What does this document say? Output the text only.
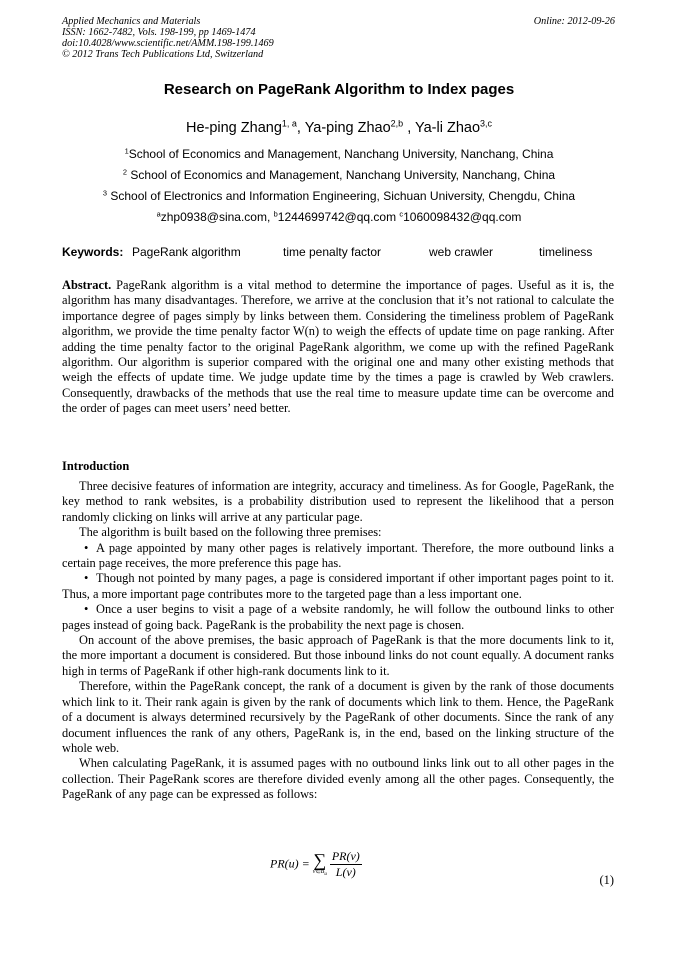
Applied Mechanics and Materials
ISSN: 1662-7482, Vols. 198-199, pp 1469-1474
doi:10.4028/www.scientific.net/AMM.198-199.1469
© 2012 Trans Tech Publications Ltd, Switzerland
Online: 2012-09-26
Research on PageRank Algorithm to Index pages
He-ping Zhang$^{1, a}$, Ya-ping Zhao$^{2,b}$ , Ya-li Zhao$^{3,c}$
$^1$School of Economics and Management, Nanchang University, Nanchang, China
$^2$ School of Economics and Management, Nanchang University, Nanchang, China
$^3$ School of Electronics and Information Engineering, Sichuan University, Chengdu, China
$^a$zhp0938@sina.com, $^b$1244699742@qq.com $^c$1060098432@qq.com
Keywords: PageRank algorithm	time penalty factor	web crawler	timeliness

Abstract. PageRank algorithm is a vital method to determine the importance of pages. Useful as it is, the algorithm has many disadvantages. Therefore, we arrive at the conclusion that it’s not rational to calculate the importance degree of pages simply by links between them. Considering the timeliness problem of PageRank algorithm, we provide the time penalty factor W(n) to weigh the effects of update time on page ranking. After adding the time penalty factor to the original PageRank algorithm, we come up with the refined PageRank algorithm. Our algorithm is superior compared with the original one and many other existing methods that weigh the effects of update time. We judge update time by the times a page is crawled by Web crawlers. Consequently, drawbacks of the methods that use the real time to measure update time can be overcome and the order of pages can meet users’ need better.

Introduction

Three decisive features of information are integrity, accuracy and timeliness. As for Google, PageRank, the key method to rank websites, is a probability distribution used to represent the likelihood that a person randomly clicking on links will arrive at any particular page.

The algorithm is built based on the following three premises:

• A page appointed by many other pages is relatively important. Therefore, the more outbound links a certain page receives, the more preference this page has.

• Though not pointed by many pages, a page is considered important if other important pages point to it. Thus, a more important page contributes more to the targeted page than a less important one.

• Once a user begins to visit a page of a website randomly, he will follow the outbound links to other pages instead of going back. PageRank is the probability the next page is chosen.

On account of the above premises, the basic approach of PageRank is that the more documents link to it, the more important a document is considered. But those inbound links do not count equally. A document ranks high in terms of PageRank if other high-rank documents link to it.

Therefore, within the PageRank concept, the rank of a document is given by the rank of those documents which link to it. Their rank again is given by the rank of documents which link to them. Hence, the PageRank of a document is always determined recursively by the PageRank of other documents. Since the rank of any document influences the rank of any others, PageRank is, in the end, based on the linking structure of the whole web.

When calculating PageRank, it is assumed pages with no outbound links link out to all other pages in the collection. Their PageRank scores are therefore divided evenly among all the other pages. Consequently, the PageRank of any page can be expressed as follows:

PR(u) = ∑
$v\in B_u$
$\frac{PR(v)}{L(v)}$	(1)
